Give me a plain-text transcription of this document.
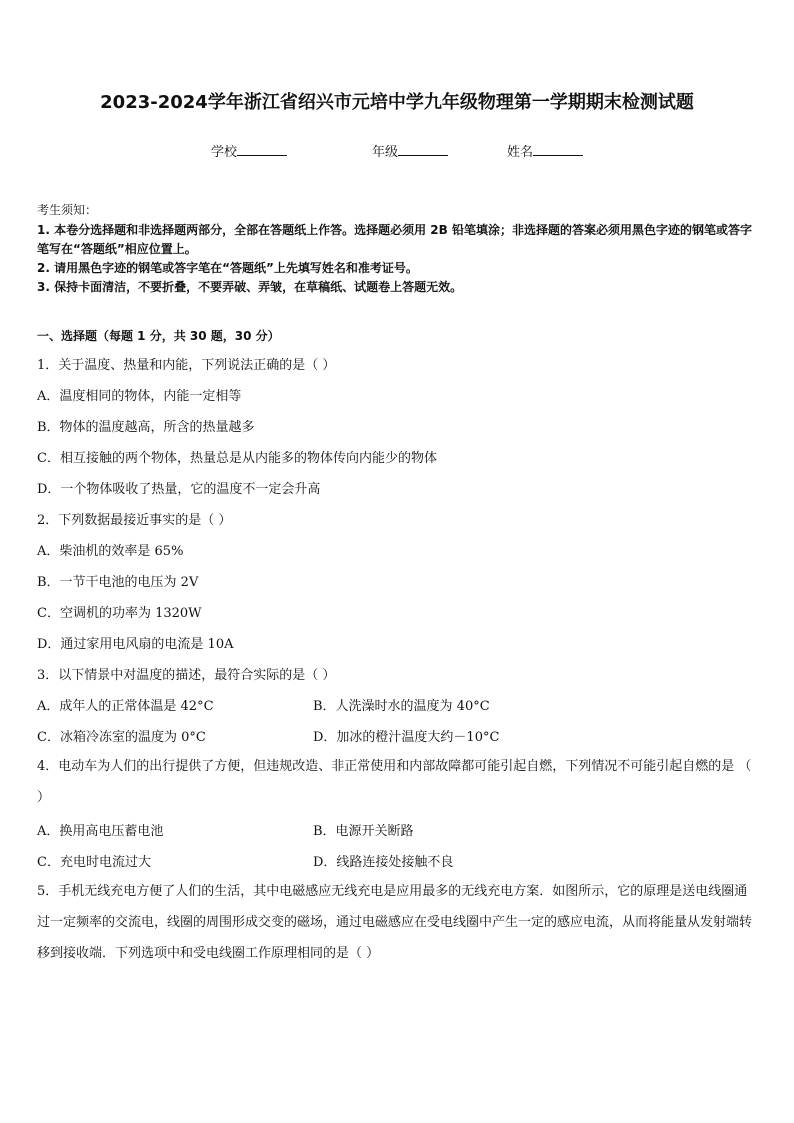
2023-2024学年浙江省绍兴市元培中学九年级物理第一学期期末检测试题
学校	年级	姓名
考生须知：
1. 本卷分选择题和非选择题两部分，全部在答题纸上作答。选择题必须用 2B 铅笔填涂；非选择题的答案必须用黑色字迹的钢笔或答字笔写在“答题纸”相应位置上。
2. 请用黑色字迹的钢笔或答字笔在“答题纸”上先填写姓名和准考证号。
3. 保持卡面清洁，不要折叠，不要弄破、弄皱，在草稿纸、试题卷上答题无效。
一、选择题（每题 1 分，共 30 题，30 分）
1．关于温度、热量和内能，下列说法正确的是（ ）
A．温度相同的物体，内能一定相等
B．物体的温度越高，所含的热量越多
C．相互接触的两个物体，热量总是从内能多的物体传向内能少的物体
D．一个物体吸收了热量，它的温度不一定会升高
2．下列数据最接近事实的是（ ）
A．柴油机的效率是 65%
B．一节干电池的电压为 2V
C．空调机的功率为 1320W
D．通过家用电风扇的电流是 10A
3．以下情景中对温度的描述，最符合实际的是（ ）
A．成年人的正常体温是 42°C	B．人洗澡时水的温度为 40°C
C．冰箱冷冻室的温度为 0°C	D．加冰的橙汁温度大约－10°C
4．电动车为人们的出行提供了方便，但违规改造、非正常使用和内部故障都可能引起自燃，下列情况不可能引起自燃的是 （ ）
A．换用高电压蓄电池	B．电源开关断路
C．充电时电流过大	D．线路连接处接触不良
5．手机无线充电方便了人们的生活，其中电磁感应无线充电是应用最多的无线充电方案．如图所示，它的原理是送电线圈通过一定频率的交流电，线圈的周围形成交变的磁场，通过电磁感应在受电线圈中产生一定的感应电流，从而将能量从发射端转移到接收端．下列选项中和受电线圈工作原理相同的是（ ）
